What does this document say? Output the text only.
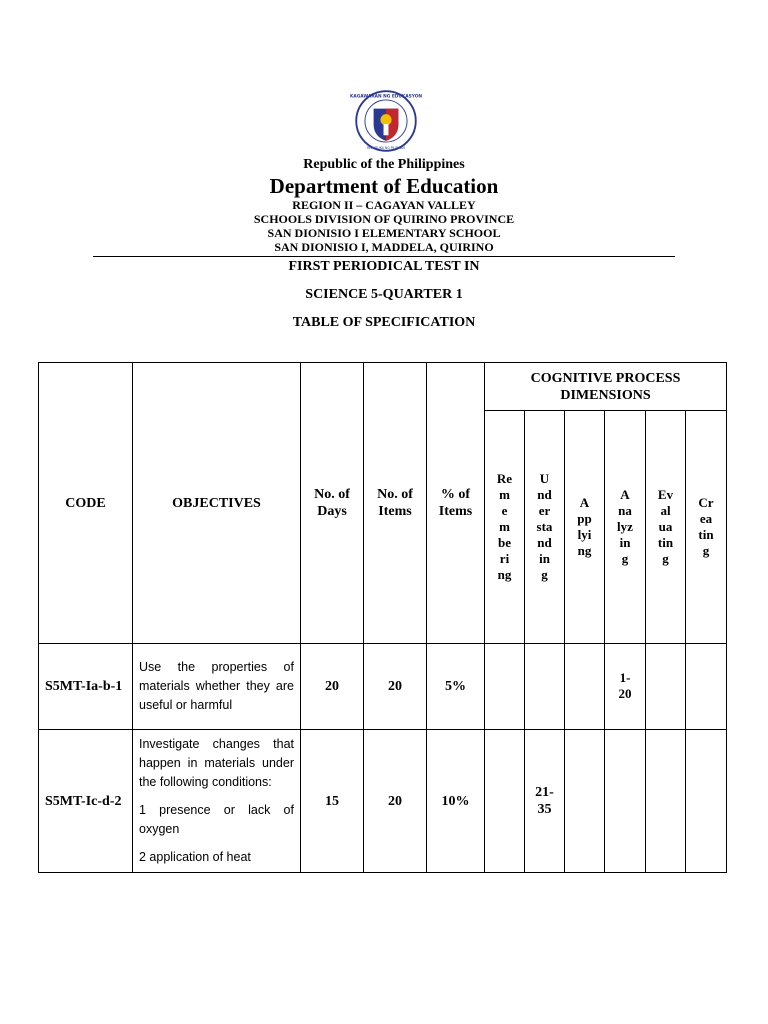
KAGAWARAN NG EDUKASYON
REPUBLIKA NG PILIPINAS
Republic of the Philippines
Department of Education
REGION II – CAGAYAN VALLEY
SCHOOLS DIVISION OF QUIRINO PROVINCE
SAN DIONISIO I ELEMENTARY SCHOOL
SAN DIONISIO I, MADDELA, QUIRINO
FIRST PERIODICAL TEST IN
SCIENCE 5-QUARTER 1
TABLE OF SPECIFICATION
CODE	OBJECTIVES	No. of Days	No. of Items	% of Items	COGNITIVE PROCESS DIMENSIONS					
					Remembering	Understanding	Applying	Analyzing	Evaluating	Creating
S5MT-Ia-b-1	Use the properties of materials whether they are useful or harmful	20	20	5%				1-20		
S5MT-Ic-d-2	Investigate changes that happen in materials under the following conditions:

1 presence or lack of oxygen

2 application of heat	15	20	10%		21-35				
